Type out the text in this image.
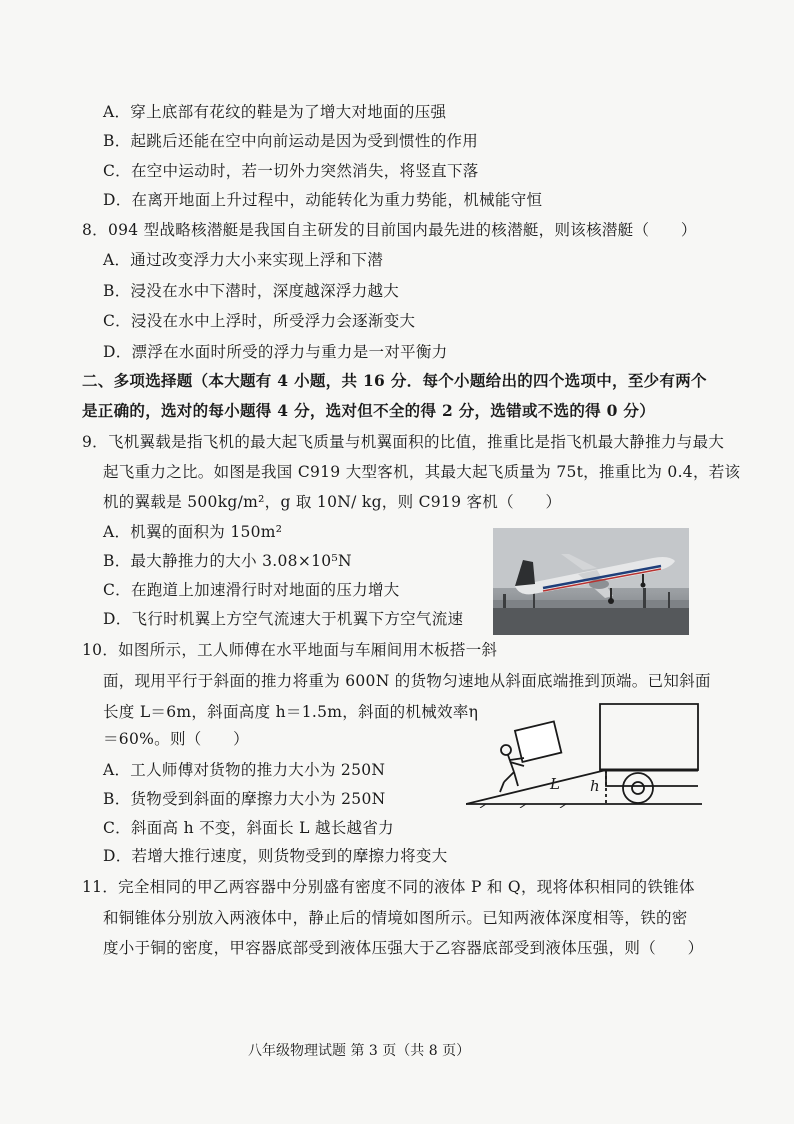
A．穿上底部有花纹的鞋是为了增大对地面的压强
B．起跳后还能在空中向前运动是因为受到惯性的作用
C．在空中运动时，若一切外力突然消失，将竖直下落
D．在离开地面上升过程中，动能转化为重力势能，机械能守恒
8．094 型战略核潜艇是我国自主研发的目前国内最先进的核潜艇，则该核潜艇（　　）
A．通过改变浮力大小来实现上浮和下潜
B．浸没在水中下潜时，深度越深浮力越大
C．浸没在水中上浮时，所受浮力会逐渐变大
D．漂浮在水面时所受的浮力与重力是一对平衡力
二、多项选择题（本大题有 4 小题，共 16 分．每个小题给出的四个选项中，至少有两个
是正确的，选对的每小题得 4 分，选对但不全的得 2 分，选错或不选的得 0 分）
9．飞机翼载是指飞机的最大起飞质量与机翼面积的比值，推重比是指飞机最大静推力与最大
起飞重力之比。如图是我国 C919 大型客机，其最大起飞质量为 75t，推重比为 0.4，若该
机的翼载是 500kg/m²，g 取 10N/ kg，则 C919 客机（　　）
A．机翼的面积为 150m²
B．最大静推力的大小 3.08×10⁵N
C．在跑道上加速滑行时对地面的压力增大
D．飞行时机翼上方空气流速大于机翼下方空气流速
10．如图所示，工人师傅在水平地面与车厢间用木板搭一斜
面，现用平行于斜面的推力将重为 600N 的货物匀速地从斜面底端推到顶端。已知斜面
长度 L＝6m，斜面高度 h＝1.5m，斜面的机械效率η
＝60%。则（　　）
A．工人师傅对货物的推力大小为 250N
B．货物受到斜面的摩擦力大小为 250N
C．斜面高 h 不变，斜面长 L 越长越省力
D．若增大推行速度，则货物受到的摩擦力将变大
L h
11．完全相同的甲乙两容器中分别盛有密度不同的液体 P 和 Q，现将体积相同的铁锥体
和铜锥体分别放入两液体中，静止后的情境如图所示。已知两液体深度相等，铁的密
度小于铜的密度，甲容器底部受到液体压强大于乙容器底部受到液体压强，则（　　）
八年级物理试题 第 3 页（共 8 页）
